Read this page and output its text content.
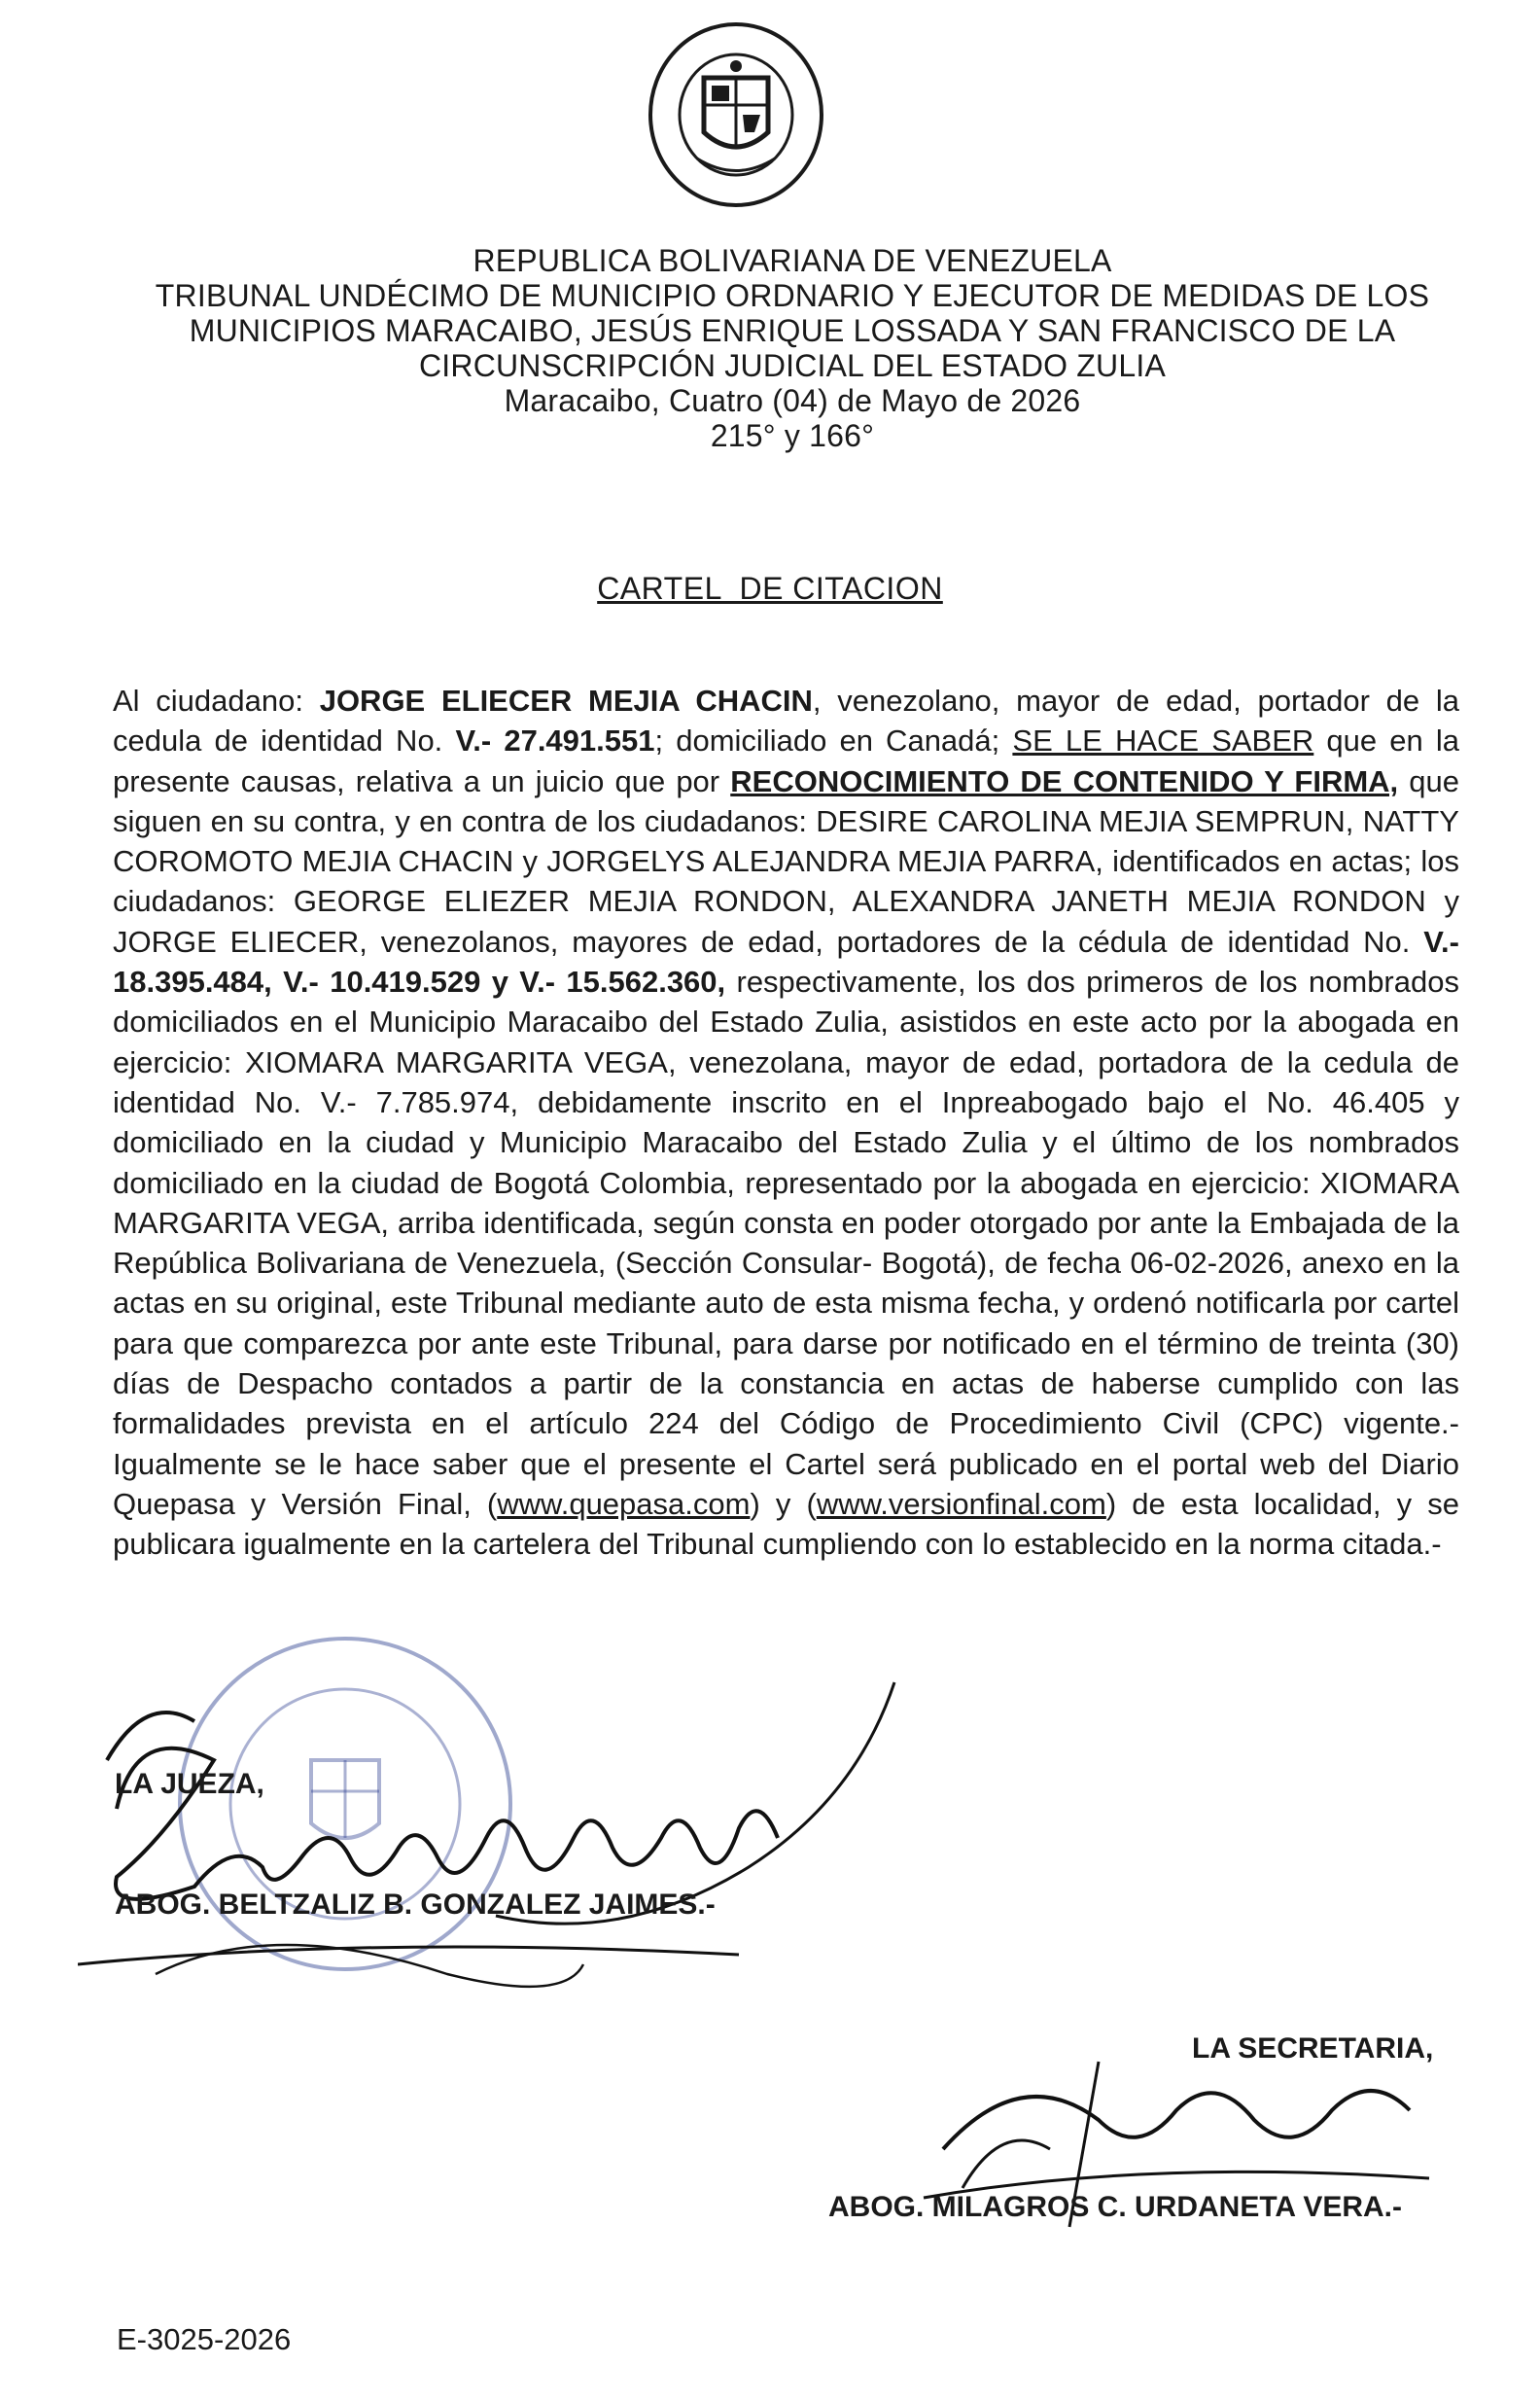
REPUBLICA BOLIVARIANA DE VENEZUELA
TRIBUNAL UNDÉCIMO DE MUNICIPIO ORDNARIO Y EJECUTOR DE MEDIDAS DE LOS
MUNICIPIOS MARACAIBO, JESÚS ENRIQUE LOSSADA Y SAN FRANCISCO DE LA
CIRCUNSCRIPCIÓN JUDICIAL DEL ESTADO ZULIA
Maracaibo, Cuatro (04) de Mayo de 2026
215° y 166°
CARTEL  DE CITACION
Al ciudadano: JORGE ELIECER MEJIA CHACIN, venezolano, mayor de edad, portador de la cedula de identidad No. V.- 27.491.551; domiciliado en Canadá; SE LE HACE SABER que en la presente causas, relativa a un juicio que por RECONOCIMIENTO DE CONTENIDO Y FIRMA, que siguen en su contra, y en contra de los ciudadanos: DESIRE CAROLINA MEJIA SEMPRUN, NATTY COROMOTO MEJIA CHACIN y JORGELYS ALEJANDRA MEJIA PARRA, identificados en actas; los ciudadanos: GEORGE ELIEZER MEJIA RONDON, ALEXANDRA JANETH MEJIA RONDON y JORGE ELIECER, venezolanos, mayores de edad, portadores de la cédula de identidad No. V.- 18.395.484, V.- 10.419.529 y V.- 15.562.360, respectivamente, los dos primeros de los nombrados domiciliados en el Municipio Maracaibo del Estado Zulia, asistidos en este acto por la abogada en ejercicio: XIOMARA MARGARITA VEGA, venezolana, mayor de edad, portadora de la cedula de identidad No. V.- 7.785.974, debidamente inscrito en el Inpreabogado bajo el No. 46.405 y domiciliado en la ciudad y Municipio Maracaibo del Estado Zulia y el último de los nombrados domiciliado en la ciudad de Bogotá Colombia, representado por la abogada en ejercicio: XIOMARA MARGARITA VEGA, arriba identificada, según consta en poder otorgado por ante la Embajada de la República Bolivariana de Venezuela, (Sección Consular- Bogotá), de fecha 06-02-2026, anexo en la actas en su original, este Tribunal mediante auto de esta misma fecha, y ordenó notificarla por cartel para que comparezca por ante este Tribunal, para darse por notificado en el término de treinta (30) días de Despacho contados a partir de la constancia en actas de haberse cumplido con las formalidades prevista en el artículo 224 del Código de Procedimiento Civil (CPC) vigente.- Igualmente se le hace saber que el presente el Cartel será publicado en el portal web del Diario Quepasa y Versión Final, (www.quepasa.com) y (www.versionfinal.com) de esta localidad, y se publicara igualmente en la cartelera del Tribunal cumpliendo con lo establecido en la norma citada.-
LA JUEZA,
ABOG. BELTZALIZ B. GONZALEZ JAIMES.-
LA SECRETARIA,
ABOG. MILAGROS C. URDANETA VERA.-
E-3025-2026
